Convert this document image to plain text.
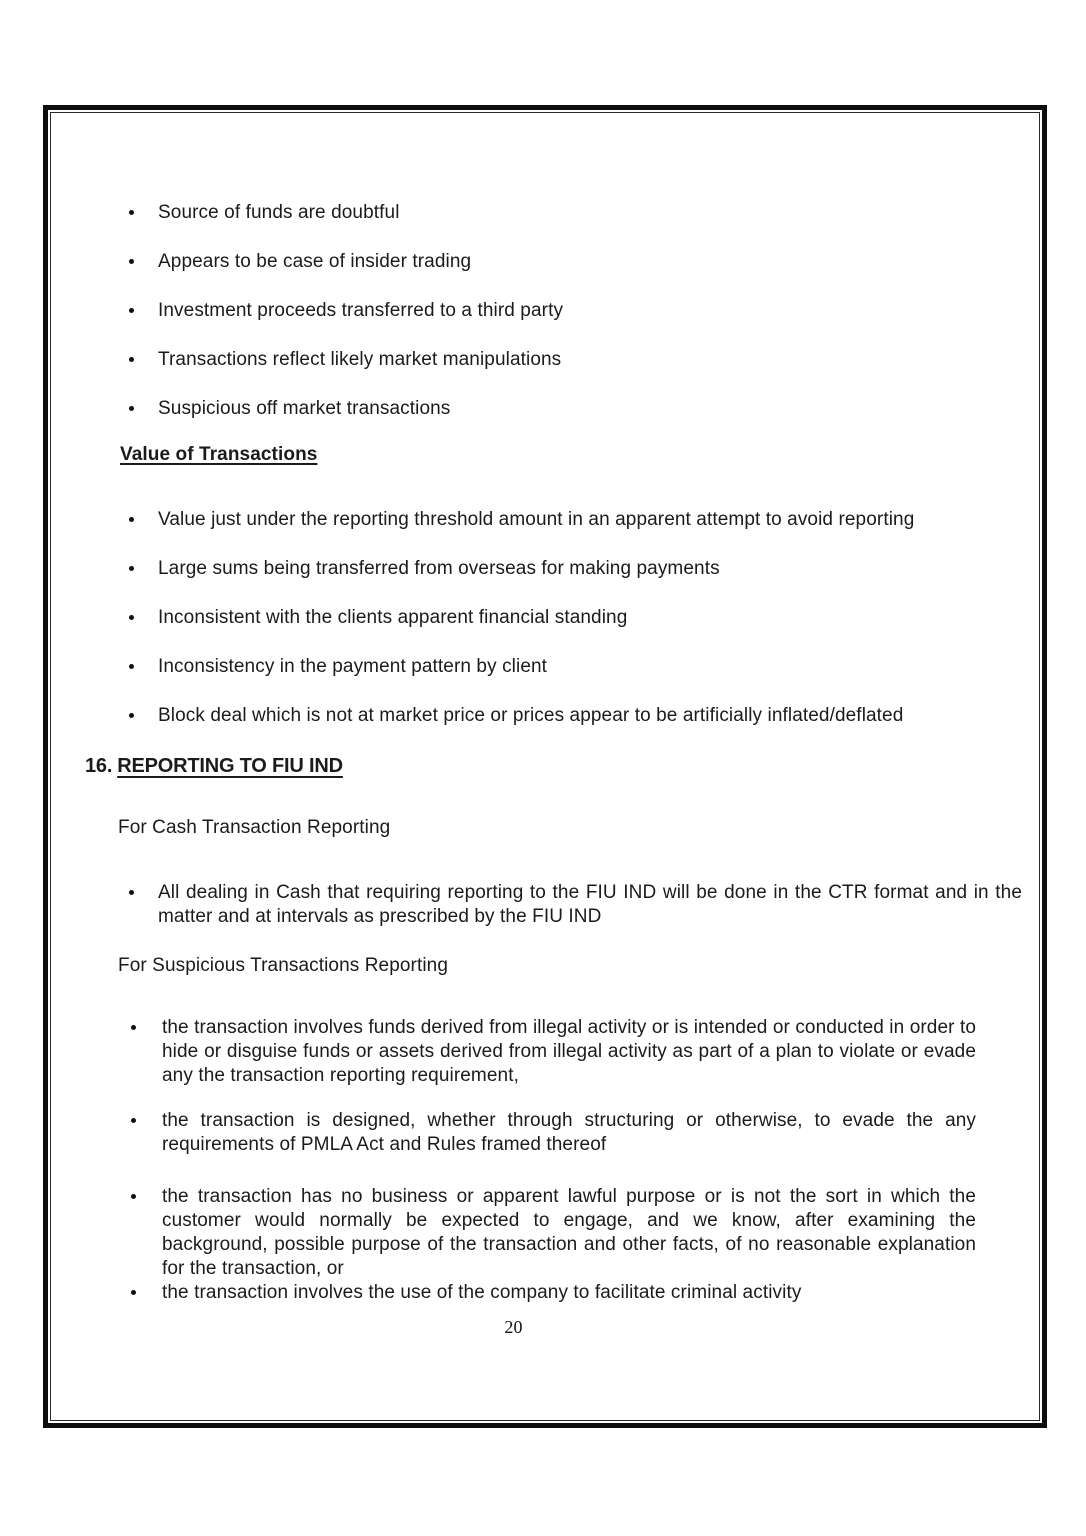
Source of funds are doubtful
Appears to be case of insider trading
Investment proceeds transferred to a third party
Transactions reflect likely market manipulations
Suspicious off market transactions
Value of Transactions
Value just under the reporting threshold amount in an apparent attempt to avoid reporting
Large sums being transferred from overseas for making payments
Inconsistent with the clients apparent financial standing
Inconsistency in the payment pattern by client
Block deal which is not at market price or prices appear to be artificially inflated/deflated
16. REPORTING TO FIU IND
For Cash Transaction Reporting
All dealing in Cash that requiring reporting to the FIU IND will be done in the CTR format and in the matter and at intervals as prescribed by the FIU IND
For Suspicious Transactions Reporting
the transaction involves funds derived from illegal activity or is intended or conducted in order to hide or disguise funds or assets derived from illegal activity as part of a plan to violate or evade any the transaction reporting requirement,
the transaction is designed, whether through structuring or otherwise, to evade the any requirements of PMLA Act and Rules framed thereof
the transaction has no business or apparent lawful purpose or is not the sort in which the customer would normally be expected to engage, and we know, after examining the background, possible purpose of the transaction and other facts, of no reasonable explanation for the transaction, or
the transaction involves the use of the company to facilitate criminal activity
20
